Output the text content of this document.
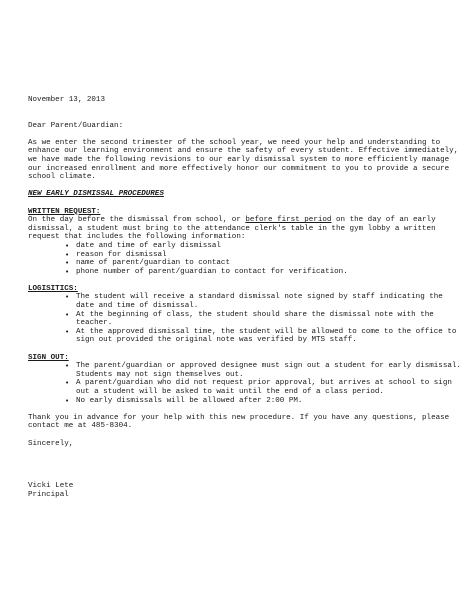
November 13, 2013
Dear Parent/Guardian:
As we enter the second trimester of the school year, we need your help and understanding to enhance our learning environment and ensure the safety of every student. Effective immediately, we have made the following revisions to our early dismissal system to more efficiently manage our increased enrollment and more effectively honor our commitment to you to provide a secure school climate.
NEW EARLY DISMISSAL PROCEDURES
WRITTEN REQUEST:
On the day before the dismissal from school, or before first period on the day of an early dismissal, a student must bring to the attendance clerk's table in the gym lobby a written request that includes the following information:
• date and time of early dismissal
• reason for dismissal
• name of parent/guardian to contact
• phone number of parent/guardian to contact for verification.
LOGISITICS:
• The student will receive a standard dismissal note signed by staff indicating the date and time of dismissal.
• At the beginning of class, the student should share the dismissal note with the teacher.
• At the approved dismissal time, the student will be allowed to come to the office to sign out provided the original note was verified by MTS staff.
SIGN OUT:
• The parent/guardian or approved designee must sign out a student for early dismissal. Students may not sign themselves out.
• A parent/guardian who did not request prior approval, but arrives at school to sign out a student will be asked to wait until the end of a class period.
• No early dismissals will be allowed after 2:00 PM.
Thank you in advance for your help with this new procedure. If you have any questions, please contact me at 485-8304.
Sincerely,
Vicki Lete
Principal
